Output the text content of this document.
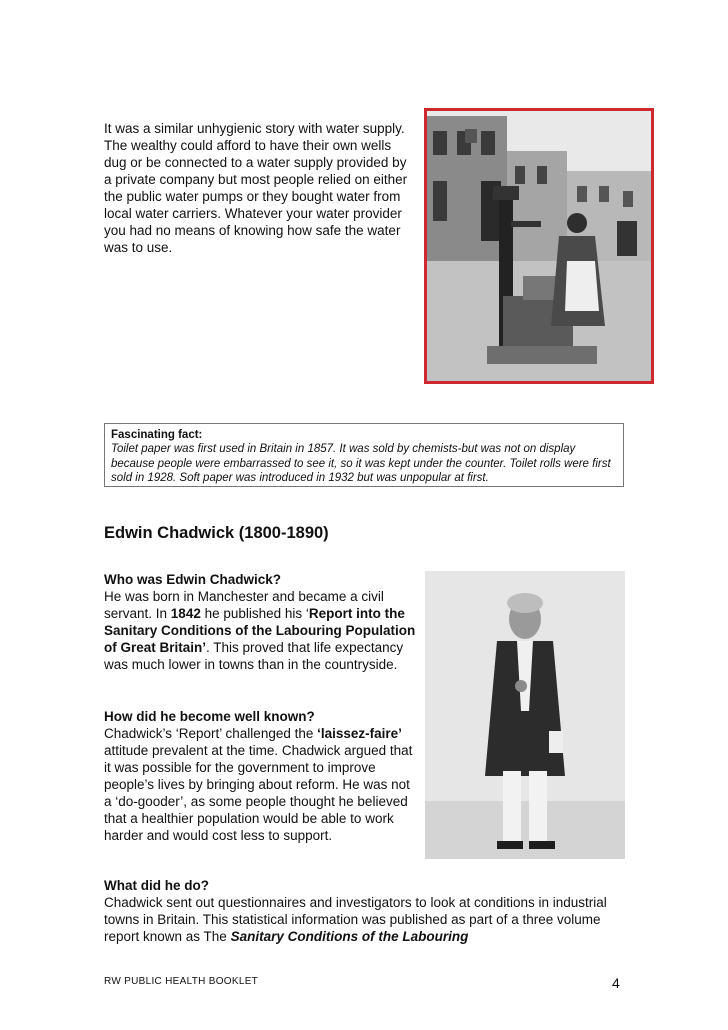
It was a similar unhygienic story with water supply. The wealthy could afford to have their own wells dug or be connected to a water supply provided by a private company but most people relied on either the public water pumps or they bought water from local water carriers. Whatever your water provider you had no means of knowing how safe the water was to use.

Fascinating fact:
Toilet paper was first used in Britain in 1857. It was sold by chemists-but was not on display because people were embarrassed to see it, so it was kept under the counter. Toilet rolls were first sold in 1928. Soft paper was introduced in 1932 but was unpopular at first.
Edwin Chadwick (1800-1890)
Who was Edwin Chadwick?
He was born in Manchester and became a civil servant. In 1842 he published his ‘Report into the Sanitary Conditions of the Labouring Population of Great Britain’. This proved that life expectancy was much lower in towns than in the countryside.
How did he become well known?
Chadwick’s ‘Report’ challenged the ‘laissez-faire’ attitude prevalent at the time. Chadwick argued that it was possible for the government to improve people’s lives by bringing about reform. He was not a ‘do-gooder’, as some people thought he believed that a healthier population would be able to work harder and would cost less to support.
What did he do?
Chadwick sent out questionnaires and investigators to look at conditions in industrial towns in Britain. This statistical information was published as part of a three volume report known as The Sanitary Conditions of the Labouring
RW PUBLIC HEALTH BOOKLET	4
